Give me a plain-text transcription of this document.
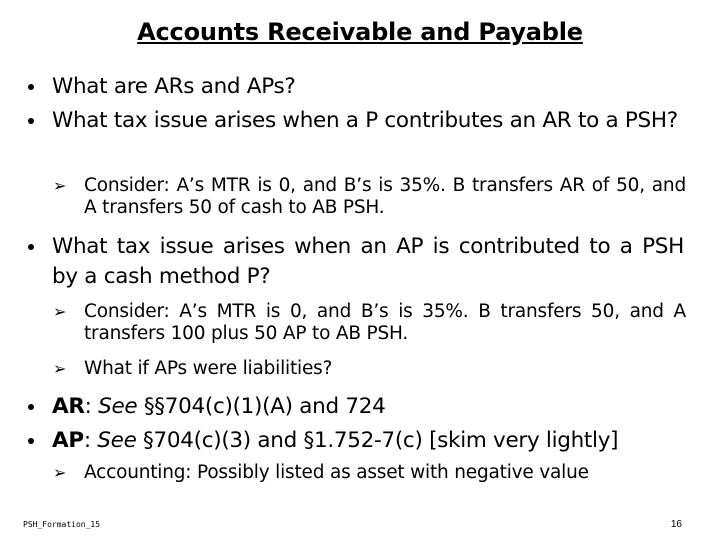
Accounts Receivable and Payable
What are ARs and APs?
What tax issue arises when a P contributes an AR to a PSH?
➢ Consider: A’s MTR is 0, and B’s is 35%. B transfers AR of 50, and A transfers 50 of cash to AB PSH.
What tax issue arises when an AP is contributed to a PSH by a cash method P?
➢ Consider: A’s MTR is 0, and B’s is 35%. B transfers 50, and A transfers 100 plus 50 AP to AB PSH.
➢ What if APs were liabilities?
AR: See §§704(c)(1)(A) and 724
AP: See §704(c)(3) and §1.752-7(c) [skim very lightly]
➢ Accounting: Possibly listed as asset with negative value
PSH_Formation_15	16
